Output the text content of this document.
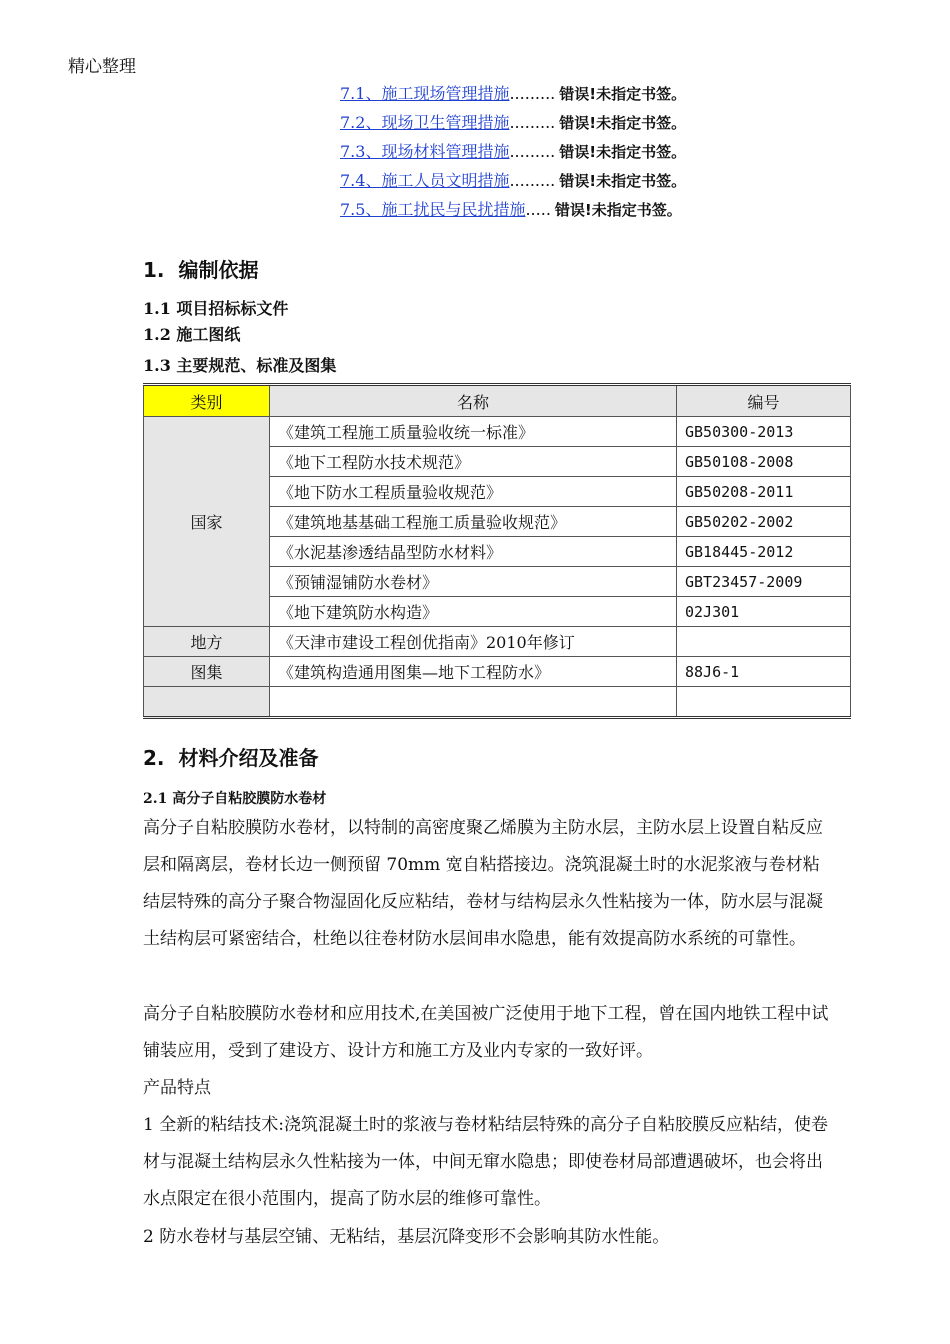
精心整理
7.1、施工现场管理措施......... 错误!未指定书签。
7.2、现场卫生管理措施......... 错误!未指定书签。
7.3、现场材料管理措施......... 错误!未指定书签。
7.4、施工人员文明措施......... 错误!未指定书签。
7.5、施工扰民与民扰措施..... 错误!未指定书签。
1. 编制依据
1.1 项目招标标文件
1.2 施工图纸
1.3 主要规范、标准及图集
类别	名称	编号
国家	《建筑工程施工质量验收统一标准》	GB50300-2013
	《地下工程防水技术规范》	GB50108-2008
	《地下防水工程质量验收规范》	GB50208-2011
	《建筑地基基础工程施工质量验收规范》	GB50202-2002
	《水泥基渗透结晶型防水材料》	GB18445-2012
	《预铺湿铺防水卷材》	GBT23457-2009
	《地下建筑防水构造》	02J301
地方	《天津市建设工程创优指南》2010年修订	
图集	《建筑构造通用图集—地下工程防水》	88J6-1

2. 材料介绍及准备
2.1 高分子自粘胶膜防水卷材
高分子自粘胶膜防水卷材，以特制的高密度聚乙烯膜为主防水层，主防水层上设置自粘反应层和隔离层，卷材长边一侧预留 70mm 宽自粘搭接边。浇筑混凝土时的水泥浆液与卷材粘结层特殊的高分子聚合物湿固化反应粘结，卷材与结构层永久性粘接为一体，防水层与混凝土结构层可紧密结合，杜绝以往卷材防水层间串水隐患，能有效提高防水系统的可靠性。
高分子自粘胶膜防水卷材和应用技术,在美国被广泛使用于地下工程，曾在国内地铁工程中试铺装应用，受到了建设方、设计方和施工方及业内专家的一致好评。
产品特点
1 全新的粘结技术:浇筑混凝土时的浆液与卷材粘结层特殊的高分子自粘胶膜反应粘结，使卷材与混凝土结构层永久性粘接为一体，中间无窜水隐患；即使卷材局部遭遇破坏，也会将出水点限定在很小范围内，提高了防水层的维修可靠性。
2 防水卷材与基层空铺、无粘结，基层沉降变形不会影响其防水性能。
